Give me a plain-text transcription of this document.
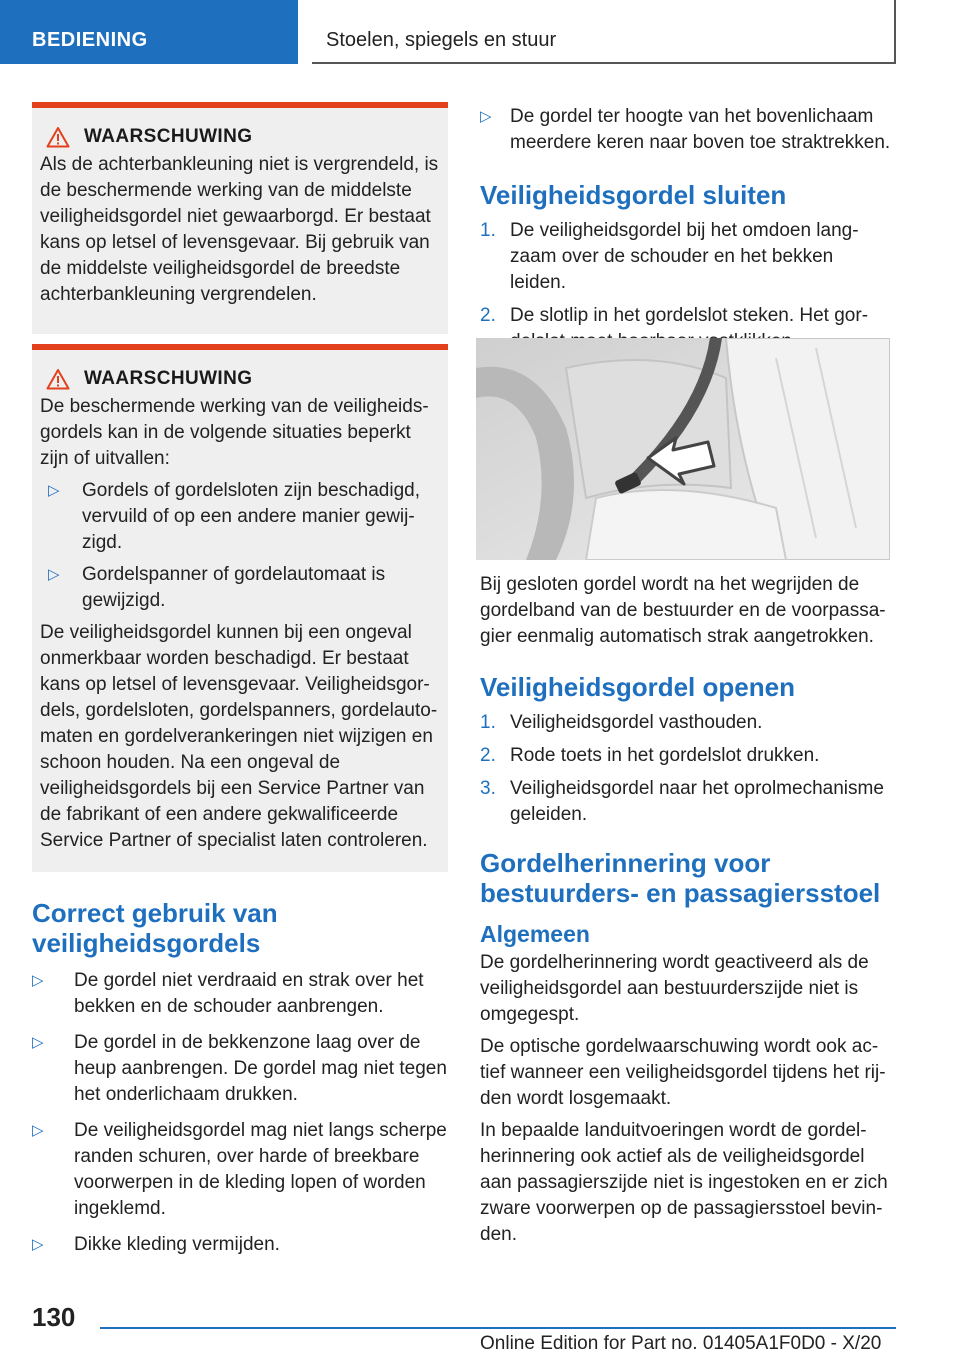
BEDIENING	Stoelen, spiegels en stuur
WAARSCHUWING

Als de achterbankleuning niet is vergrendeld, is de beschermende werking van de middelste veiligheidsgordel niet gewaarborgd. Er bestaat kans op letsel of levensgevaar. Bij gebruik van de middelste veiligheidsgordel de breedste achterbankleuning vergrendelen.

WAARSCHUWING

De beschermende werking van de veiligheidsgordels kan in de volgende situaties beperkt zijn of uitvallen:

▷ Gordels of gordelsloten zijn beschadigd, vervuild of op een andere manier gewijzigd.
▷ Gordelspanner of gordelautomaat is gewijzigd.

De veiligheidsgordel kunnen bij een ongeval onmerkbaar worden beschadigd. Er bestaat kans op letsel of levensgevaar. Veiligheidsgordels, gordelsloten, gordelspanners, gordelautomaten en gordelverankeringen niet wijzigen en schoon houden. Na een ongeval de veiligheidsgordels bij een Service Partner van de fabrikant of een andere gekwalificeerde Service Partner of specialist laten controleren.

Correct gebruik van veiligheidsgordels
▷ De gordel niet verdraaid en strak over het bekken en de schouder aanbrengen.
▷ De gordel in de bekkenzone laag over de heup aanbrengen. De gordel mag niet tegen het onderlichaam drukken.
▷ De veiligheidsgordel mag niet langs scherpe randen schuren, over harde of breekbare voorwerpen in de kleding lopen of worden ingeklemd.
▷ Dikke kleding vermijden.
▷ De gordel ter hoogte van het bovenlichaam meerdere keren naar boven toe straktrekken.
Veiligheidsgordel sluiten
1. De veiligheidsgordel bij het omdoen langzaam over de schouder en het bekken leiden.
2. De slotlip in het gordelslot steken. Het gor

Bij gesloten gordel wordt na het wegrijden de gordelband van de bestuurder en de voorpassagier eenmalig automatisch strak aangetrokken.

Veiligheidsgordel openen
1. Veiligheidsgordel vasthouden.
2. Rode toets in het gordelslot drukken.
3. Veiligheidsgordel naar het oprolmechanisme geleiden.
Gordelherinnering voor bestuurders- en passagiersstoel
Algemeen

De gordelherinnering wordt geactiveerd als de veiligheidsgordel aan bestuurderszijde niet is omgegespt.

De optische gordelwaarschuwing wordt ook actief wanneer een veiligheidsgordel tijdens het rijden wordt losgemaakt.

In bepaalde landuitvoeringen wordt de gordelherinnering ook actief als de veiligheidsgordel aan passagierszijde niet is ingestoken en er zich zware voorwerpen op de passagiersstoel bevinden.

130
Online Edition for Part no. 01405A1F0D0 - X/20
